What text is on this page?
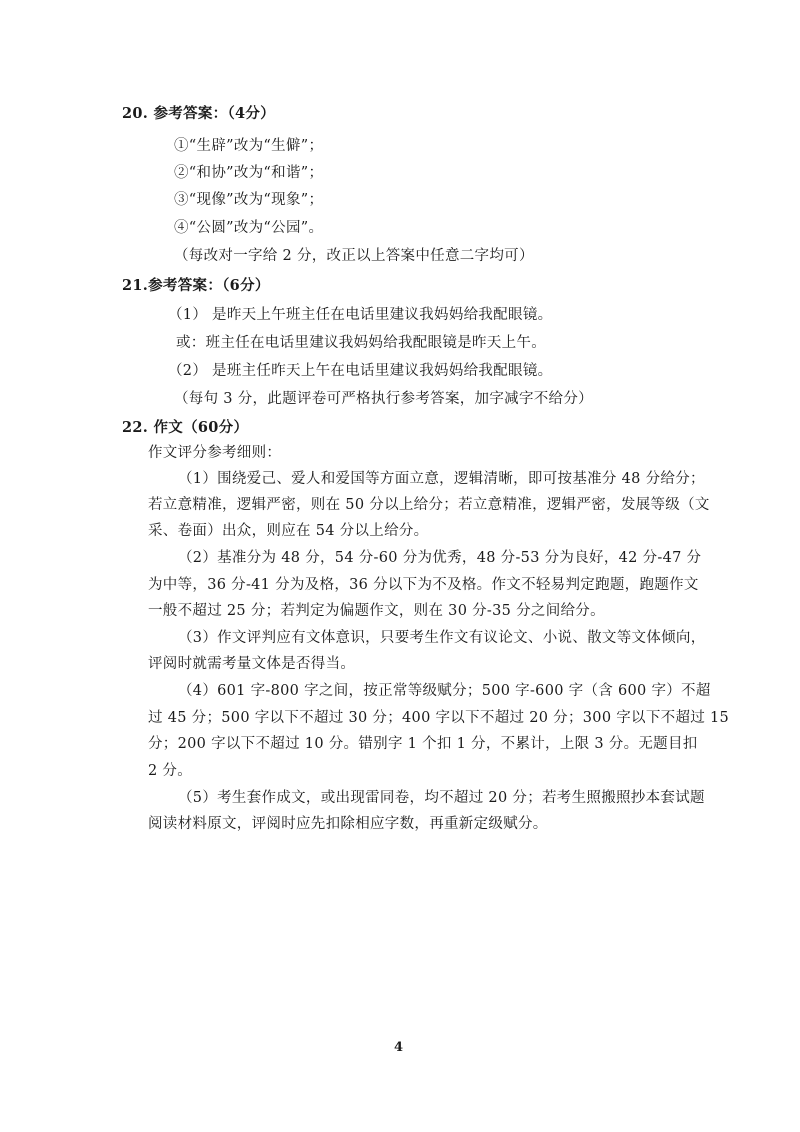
20. 参考答案：（4分）
①“生辟”改为“生僻”；
②“和协”改为“和谐”；
③“现像”改为“现象”；
④“公圆”改为“公园”。
（每改对一字给 2 分，改正以上答案中任意二字均可）
21.参考答案：（6分）
（1） 是昨天上午班主任在电话里建议我妈妈给我配眼镜。
或：班主任在电话里建议我妈妈给我配眼镜是昨天上午。
（2） 是班主任昨天上午在电话里建议我妈妈给我配眼镜。
（每句 3 分，此题评卷可严格执行参考答案，加字减字不给分）
22. 作文（60分）
作文评分参考细则：
（1）围绕爱己、爱人和爱国等方面立意，逻辑清晰，即可按基准分 48 分给分；
若立意精准，逻辑严密，则在 50 分以上给分；若立意精准，逻辑严密，发展等级（文
采、卷面）出众，则应在 54 分以上给分。
（2）基准分为 48 分，54 分-60 分为优秀，48 分-53 分为良好，42 分-47 分
为中等，36 分-41 分为及格，36 分以下为不及格。作文不轻易判定跑题，跑题作文
一般不超过 25 分；若判定为偏题作文，则在 30 分-35 分之间给分。
（3）作文评判应有文体意识，只要考生作文有议论文、小说、散文等文体倾向，
评阅时就需考量文体是否得当。
（4）601 字-800 字之间，按正常等级赋分；500 字-600 字（含 600 字）不超
过 45 分；500 字以下不超过 30 分；400 字以下不超过 20 分；300 字以下不超过 15
分；200 字以下不超过 10 分。错别字 1 个扣 1 分，不累计，上限 3 分。无题目扣
2 分。
（5）考生套作成文，或出现雷同卷，均不超过 20 分；若考生照搬照抄本套试题
阅读材料原文，评阅时应先扣除相应字数，再重新定级赋分。
4
